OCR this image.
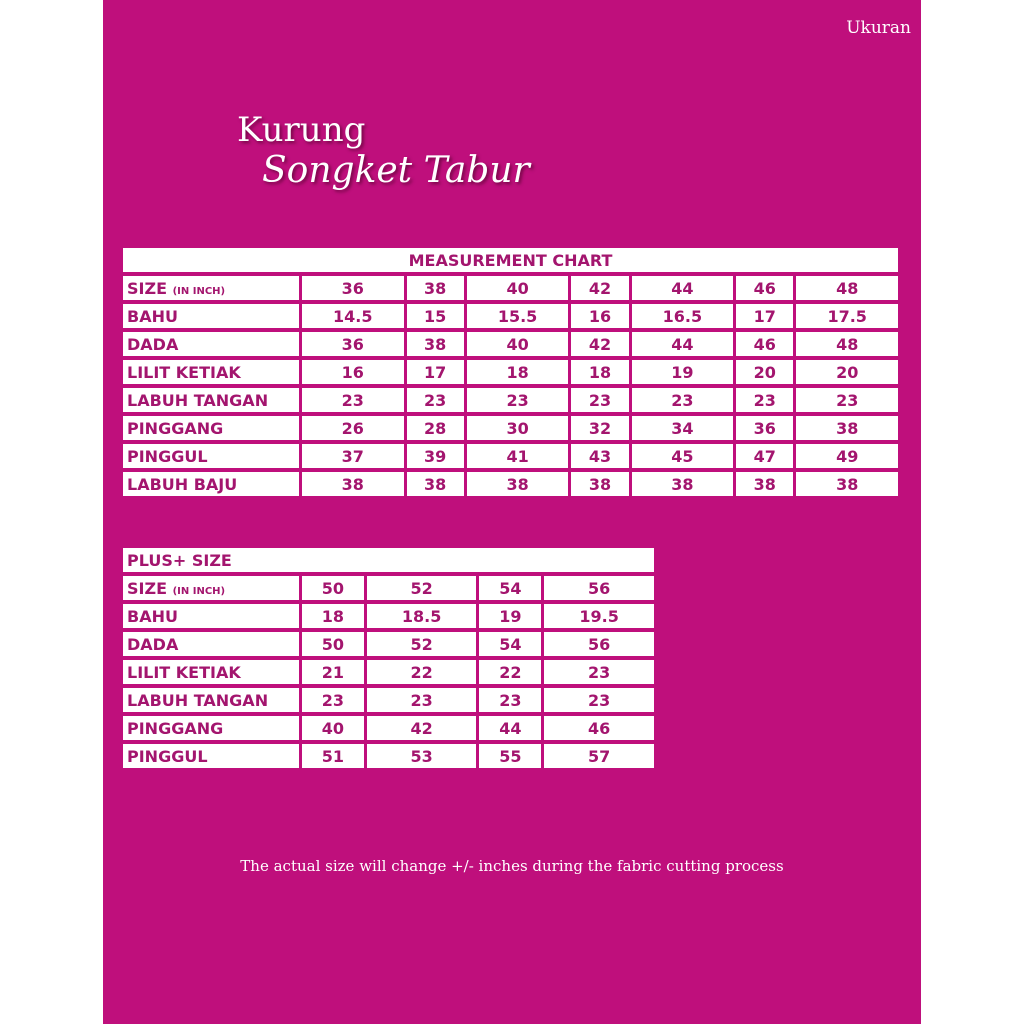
Ukuran
Kurung
Songket Tabur
MEASUREMENT CHART							
SIZE (IN INCH)	36	38	40	42	44	46	48
BAHU	14.5	15	15.5	16	16.5	17	17.5
DADA	36	38	40	42	44	46	48
LILIT KETIAK	16	17	18	18	19	20	20
LABUH TANGAN	23	23	23	23	23	23	23
PINGGANG	26	28	30	32	34	36	38
PINGGUL	37	39	41	43	45	47	49
LABUH BAJU	38	38	38	38	38	38	38
PLUS+ SIZE				
SIZE (IN INCH)	50	52	54	56
BAHU	18	18.5	19	19.5
DADA	50	52	54	56
LILIT KETIAK	21	22	22	23
LABUH TANGAN	23	23	23	23
PINGGANG	40	42	44	46
PINGGUL	51	53	55	57
The actual size will change +/- inches during the fabric cutting process
